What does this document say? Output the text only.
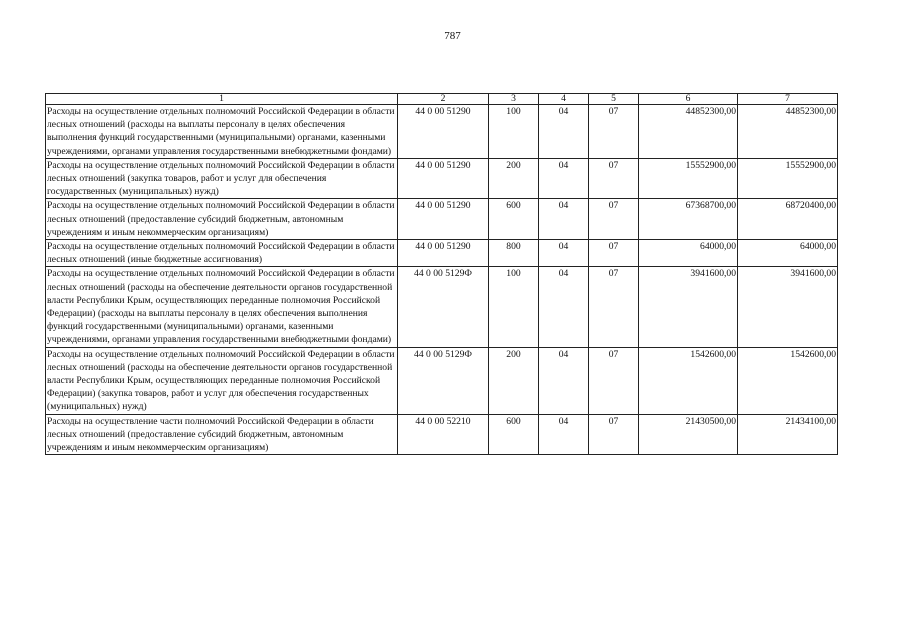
787
1	2	3	4	5	6	7
Расходы на осуществление отдельных полномочий Российской Федерации в области лесных отношений (расходы на выплаты персоналу в целях обеспечения выполнения функций государственными (муниципальными) органами, казенными учреждениями, органами управления государственными внебюджетными фондами)	44 0 00 51290	100	04	07	44852300,00	44852300,00
Расходы на осуществление отдельных полномочий Российской Федерации в области лесных отношений (закупка товаров, работ и услуг для обеспечения государственных (муниципальных) нужд)	44 0 00 51290	200	04	07	15552900,00	15552900,00
Расходы на осуществление отдельных полномочий Российской Федерации в области лесных отношений (предоставление субсидий бюджетным, автономным учреждениям и иным некоммерческим организациям)	44 0 00 51290	600	04	07	67368700,00	68720400,00
Расходы на осуществление отдельных полномочий Российской Федерации в области лесных отношений (иные бюджетные ассигнования)	44 0 00 51290	800	04	07	64000,00	64000,00
Расходы на осуществление отдельных полномочий Российской Федерации в области лесных отношений (расходы на обеспечение деятельности органов государственной власти Республики Крым, осуществляющих переданные полномочия Российской Федерации) (расходы на выплаты персоналу в целях обеспечения выполнения функций государственными (муниципальными) органами, казенными учреждениями, органами управления государственными внебюджетными фондами)	44 0 00 5129Ф	100	04	07	3941600,00	3941600,00
Расходы на осуществление отдельных полномочий Российской Федерации в области лесных отношений (расходы на обеспечение деятельности органов государственной власти Республики Крым, осуществляющих переданные полномочия Российской Федерации) (закупка товаров, работ и услуг для обеспечения государственных (муниципальных) нужд)	44 0 00 5129Ф	200	04	07	1542600,00	1542600,00
Расходы на осуществление части полномочий Российской Федерации в области лесных отношений (предоставление субсидий бюджетным, автономным учреждениям и иным некоммерческим организациям)	44 0 00 52210	600	04	07	21430500,00	21434100,00
